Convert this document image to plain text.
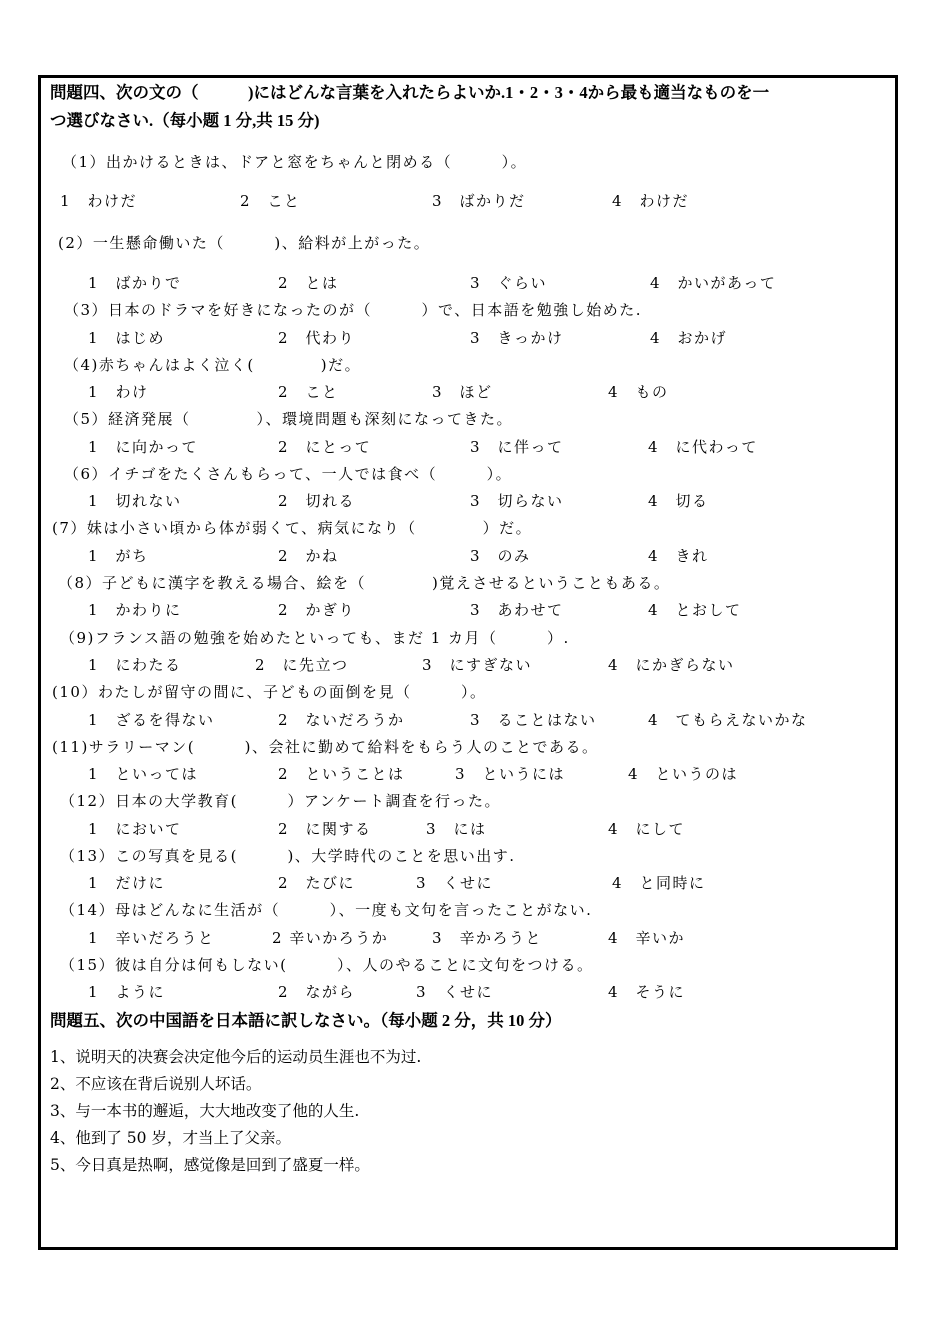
問題四、次の文の（　　　)にはどんな言葉を入れたらよいか.1・2・3・4から最も適当なものを一
つ選びなさい.（每小题 1 分,共 15 分)
（1）出かけるときは、ドアと窓をちゃんと閉める（　　　）。
1　わけだ	2　こと	3　ばかりだ	4　わけだ
(2）一生懸命働いた（　　　)、給料が上がった。
1　ばかりで	2　とは	3　ぐらい	4　かいがあって
（3）日本のドラマを好きになったのが（　　　）で、日本語を勉強し始めた.
1　はじめ	2　代わり	3　きっかけ	4　おかげ
（4)赤ちゃんはよく泣く(　　　　)だ。
1　わけ	2　こと	3　ほど	4　もの
（5）経済発展（　　　　）、環境問題も深刻になってきた。
1　に向かって	2　にとって	3　に伴って	4　に代わって
（6）イチゴをたくさんもらって、一人では食べ（　　　）。
1　切れない	2　切れる	3　切らない	4　切る
(7）妹は小さい頃から体が弱くて、病気になり（　　　　）だ。
1　がち	2　かね	3　のみ	4　きれ
（8）子どもに漢字を教える場合、絵を（　　　　)覚えさせるということもある。
1　かわりに	2　かぎり	3　あわせて	4　とおして
（9)フランス語の勉強を始めたといっても、まだ 1 カ月（　　　）.
1　にわたる	2　に先立つ	3　にすぎない	4　にかぎらない
(10）わたしが留守の間に、子どもの面倒を見（　　　）。
1　ざるを得ない	2　ないだろうか	3　ることはない	4　てもらえないかな
(11)サラリーマン(　　　)、会社に勤めて給料をもらう人のことである。
1　といっては	2　ということは	3　というには	4　というのは
（12）日本の大学教育(　　　）アンケート調査を行った。
1　において	2　に関する	3　には	4　にして
（13）この写真を見る(　　　)、大学時代のことを思い出す.
1　だけに	2　たびに	3　くせに	4　と同時に
（14）母はどんなに生活が（　　　）、一度も文句を言ったことがない.
1　辛いだろうと	2 辛いかろうか	3　辛かろうと	4　辛いか
（15）彼は自分は何もしない(　　　）、人のやることに文句をつける。
1　ように	2　ながら	3　くせに	4　そうに
問題五、次の中国語を日本語に訳しなさい。（每小题 2 分，共 10 分）
1、说明天的决赛会决定他今后的运动员生涯也不为过.
2、不应该在背后说别人坏话。
3、与一本书的邂逅，大大地改变了他的人生.
4、他到了 50 岁，才当上了父亲。
5、今日真是热啊，感觉像是回到了盛夏一样。
